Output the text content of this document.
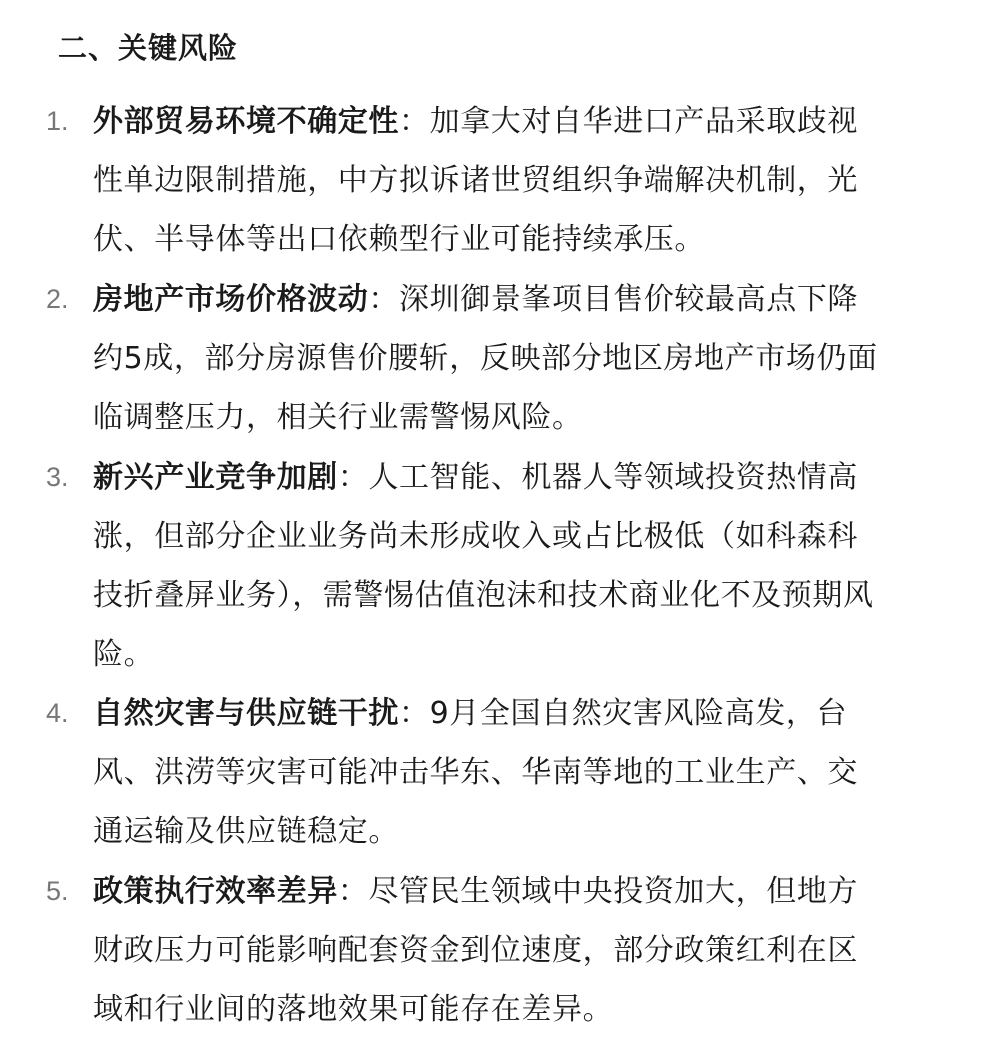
二、关键风险
1. 外部贸易环境不确定性：加拿大对自华进口产品采取歧视性单边限制措施，中方拟诉诸世贸组织争端解决机制，光伏、半导体等出口依赖型行业可能持续承压。

2. 房地产市场价格波动：深圳御景峯项目售价较最高点下降约5成，部分房源售价腰斩，反映部分地区房地产市场仍面临调整压力，相关行业需警惕风险。

3. 新兴产业竞争加剧：人工智能、机器人等领域投资热情高涨，但部分企业业务尚未形成收入或占比极低（如科森科技折叠屏业务），需警惕估值泡沫和技术商业化不及预期风险。

4. 自然灾害与供应链干扰：9月全国自然灾害风险高发，台风、洪涝等灾害可能冲击华东、华南等地的工业生产、交通运输及供应链稳定。

5. 政策执行效率差异：尽管民生领域中央投资加大，但地方财政压力可能影响配套资金到位速度，部分政策红利在区域和行业间的落地效果可能存在差异。
